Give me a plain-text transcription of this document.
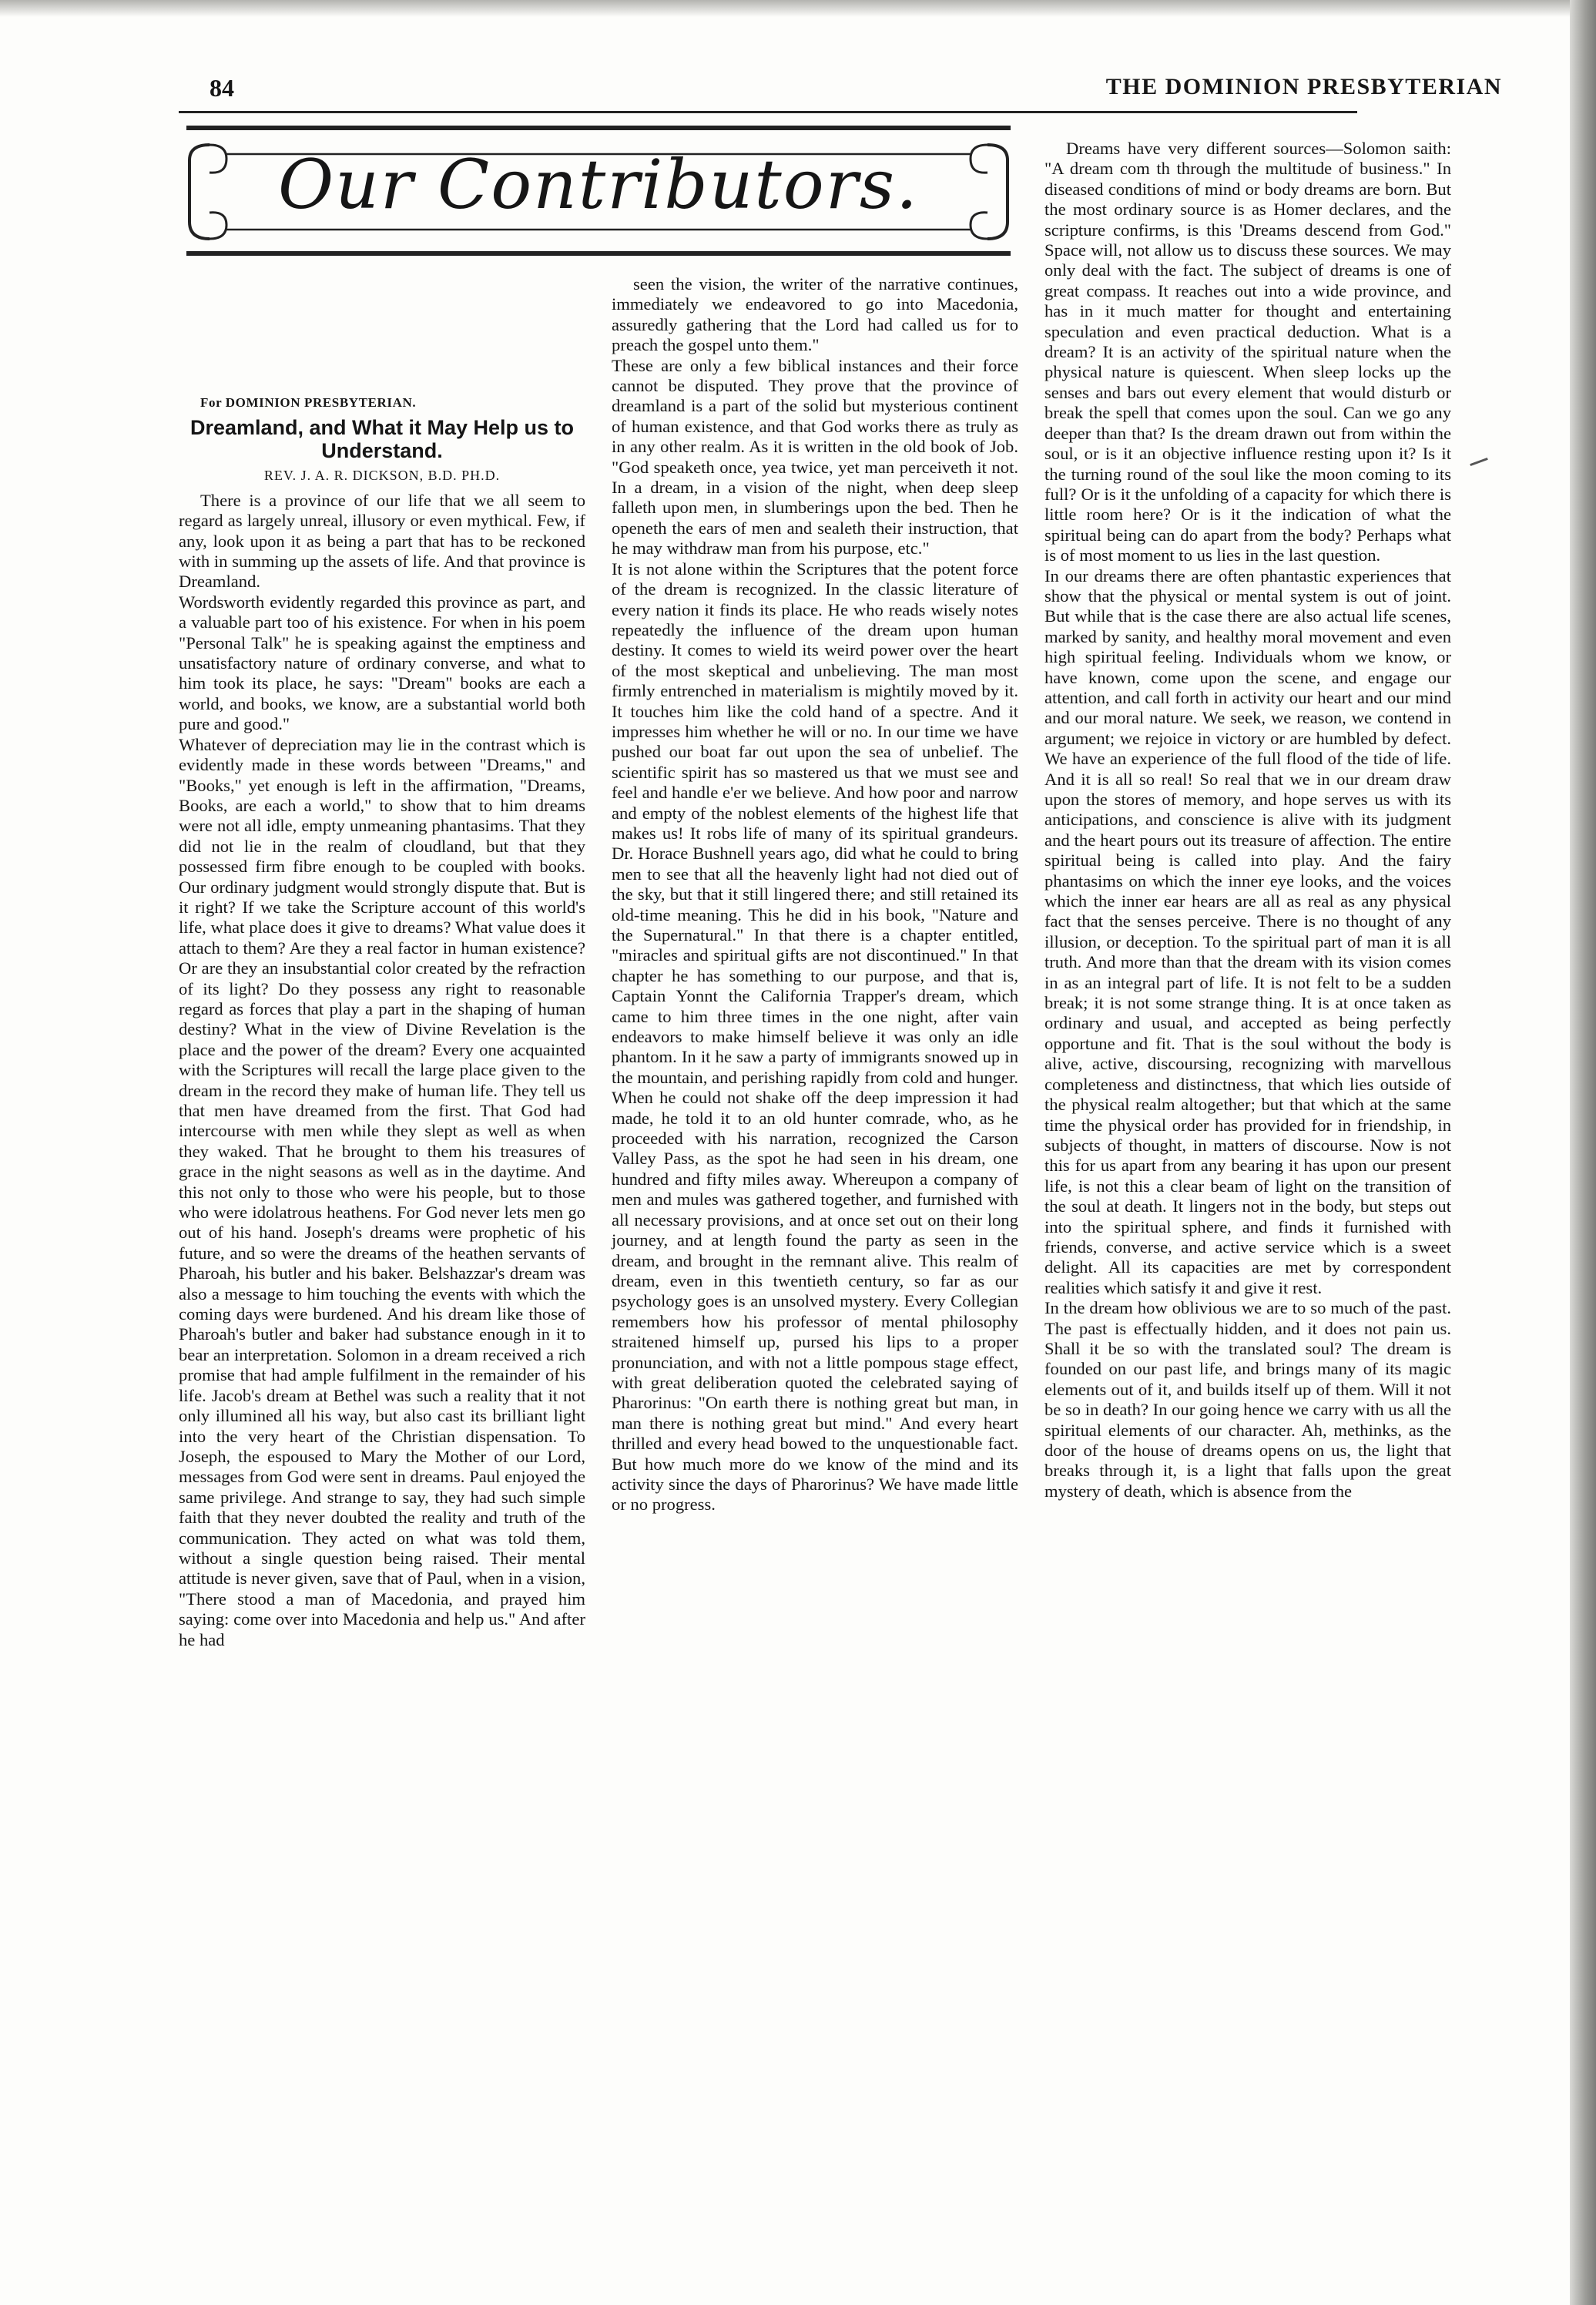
84	THE DOMINION PRESBYTERIAN
Our Contributors.
For DOMINION PRESBYTERIAN.
Dreamland, and What it May Help us to Understand.
REV. J. A. R. DICKSON, B.D. PH.D.

There is a province of our life that we all seem to regard as largely unreal, illusory or even mythical. Few, if any, look upon it as being a part that has to be reckoned with in summing up the assets of life. And that province is Dreamland.
Wordsworth evidently regarded this province as part, and a valuable part too of his existence. For when in his poem "Personal Talk" he is speaking against the emptiness and unsatisfactory nature of ordinary converse, and what to him took its place, he says: "Dream" books are each a world, and books, we know, are a substantial world both pure and good."
Whatever of depreciation may lie in the contrast which is evidently made in these words between "Dreams," and "Books," yet enough is left in the affirmation, "Dreams, Books, are each a world," to show that to him dreams were not all idle, empty unmeaning phantasims. That they did not lie in the realm of cloudland, but that they possessed firm fibre enough to be coupled with books. Our ordinary judgment would strongly dispute that. But is it right? If we take the Scripture account of this world's life, what place does it give to dreams? What value does it attach to them? Are they a real factor in human existence? Or are they an insubstantial color created by the refraction of its light? Do they possess any right to reasonable regard as forces that play a part in the shaping of human destiny? What in the view of Divine Revelation is the place and the power of the dream? Every one acquainted with the Scriptures will recall the large place given to the dream in the record they make of human life. They tell us that men have dreamed from the first. That God had intercourse with men while they slept as well as when they waked. That he brought to them his treasures of grace in the night seasons as well as in the daytime. And this not only to those who were his people, but to those who were idolatrous heathens. For God never lets men go out of his hand. Joseph's dreams were prophetic of his future, and so were the dreams of the heathen servants of Pharoah, his butler and his baker. Belshazzar's dream was also a message to him touching the events with which the coming days were burdened. And his dream like those of Pharoah's butler and baker had substance enough in it to bear an interpretation. Solomon in a dream received a rich promise that had ample fulfilment in the remainder of his life. Jacob's dream at Bethel was such a reality that it not only illumined all his way, but also cast its brilliant light into the very heart of the Christian dispensation. To Joseph, the espoused to Mary the Mother of our Lord, messages from God were sent in dreams. Paul enjoyed the same privilege. And strange to say, they had such simple faith that they never doubted the reality and truth of the communication. They acted on what was told them, without a single question being raised. Their mental attitude is never given, save that of Paul, when in a vision, "There stood a man of Macedonia, and prayed him saying: come over into Macedonia and help us." And after he had

seen the vision, the writer of the narrative continues, immediately we endeavored to go into Macedonia, assuredly gathering that the Lord had called us for to preach the gospel unto them."
These are only a few biblical instances and their force cannot be disputed. They prove that the province of dreamland is a part of the solid but mysterious continent of human existence, and that God works there as truly as in any other realm. As it is written in the old book of Job. "God speaketh once, yea twice, yet man perceiveth it not. In a dream, in a vision of the night, when deep sleep falleth upon men, in slumberings upon the bed. Then he openeth the ears of men and sealeth their instruction, that he may withdraw man from his purpose, etc."
It is not alone within the Scriptures that the potent force of the dream is recognized. In the classic literature of every nation it finds its place. He who reads wisely notes repeatedly the influence of the dream upon human destiny. It comes to wield its weird power over the heart of the most skeptical and unbelieving. The man most firmly entrenched in materialism is mightily moved by it. It touches him like the cold hand of a spectre. And it impresses him whether he will or no. In our time we have pushed our boat far out upon the sea of unbelief. The scientific spirit has so mastered us that we must see and feel and handle e'er we believe. And how poor and narrow and empty of the noblest elements of the highest life that makes us! It robs life of many of its spiritual grandeurs. Dr. Horace Bushnell years ago, did what he could to bring men to see that all the heavenly light had not died out of the sky, but that it still lingered there; and still retained its old-time meaning. This he did in his book, "Nature and the Supernatural." In that there is a chapter entitled, "miracles and spiritual gifts are not discontinued." In that chapter he has something to our purpose, and that is, Captain Yonnt the California Trapper's dream, which came to him three times in the one night, after vain endeavors to make himself believe it was only an idle phantom. In it he saw a party of immigrants snowed up in the mountain, and perishing rapidly from cold and hunger. When he could not shake off the deep impression it had made, he told it to an old hunter comrade, who, as he proceeded with his narration, recognized the Carson Valley Pass, as the spot he had seen in his dream, one hundred and fifty miles away. Whereupon a company of men and mules was gathered together, and furnished with all necessary provisions, and at once set out on their long journey, and at length found the party as seen in the dream, and brought in the remnant alive. This realm of dream, even in this twentieth century, so far as our psychology goes is an unsolved mystery. Every Collegian remembers how his professor of mental philosophy straitened himself up, pursed his lips to a proper pronunciation, and with not a little pompous stage effect, with great deliberation quoted the celebrated saying of Pharorinus: "On earth there is nothing great but man, in man there is nothing great but mind." And every heart thrilled and every head bowed to the unquestionable fact. But how much more do we know of the mind and its activity since the days of Pharorinus? We have made little or no progress.

Dreams have very different sources—Solomon saith: "A dream com th through the multitude of business." In diseased conditions of mind or body dreams are born. But the most ordinary source is as Homer declares, and the scripture confirms, is this 'Dreams descend from God." Space will, not allow us to discuss these sources. We may only deal with the fact. The subject of dreams is one of great compass. It reaches out into a wide province, and has in it much matter for thought and entertaining speculation and even practical deduction. What is a dream? It is an activity of the spiritual nature when the physical nature is quiescent. When sleep locks up the senses and bars out every element that would disturb or break the spell that comes upon the soul. Can we go any deeper than that? Is the dream drawn out from within the soul, or is it an objective influence resting upon it? Is it the turning round of the soul like the moon coming to its full? Or is it the unfolding of a capacity for which there is little room here? Or is it the indication of what the spiritual being can do apart from the body? Perhaps what is of most moment to us lies in the last question.
In our dreams there are often phantastic experiences that show that the physical or mental system is out of joint. But while that is the case there are also actual life scenes, marked by sanity, and healthy moral movement and even high spiritual feeling. Individuals whom we know, or have known, come upon the scene, and engage our attention, and call forth in activity our heart and our mind and our moral nature. We seek, we reason, we contend in argument; we rejoice in victory or are humbled by defect. We have an experience of the full flood of the tide of life. And it is all so real! So real that we in our dream draw upon the stores of memory, and hope serves us with its anticipations, and conscience is alive with its judgment and the heart pours out its treasure of affection. The entire spiritual being is called into play. And the fairy phantasims on which the inner eye looks, and the voices which the inner ear hears are all as real as any physical fact that the senses perceive. There is no thought of any illusion, or deception. To the spiritual part of man it is all truth. And more than that the dream with its vision comes in as an integral part of life. It is not felt to be a sudden break; it is not some strange thing. It is at once taken as ordinary and usual, and accepted as being perfectly opportune and fit. That is the soul without the body is alive, active, discoursing, recognizing with marvellous completeness and distinctness, that which lies outside of the physical realm altogether; but that which at the same time the physical order has provided for in friendship, in subjects of thought, in matters of discourse. Now is not this for us apart from any bearing it has upon our present life, is not this a clear beam of light on the transition of the soul at death. It lingers not in the body, but steps out into the spiritual sphere, and finds it furnished with friends, converse, and active service which is a sweet delight. All its capacities are met by correspondent realities which satisfy it and give it rest.
In the dream how oblivious we are to so much of the past. The past is effectually hidden, and it does not pain us. Shall it be so with the translated soul? The dream is founded on our past life, and brings many of its magic elements out of it, and builds itself up of them. Will it not be so in death? In our going hence we carry with us all the spiritual elements of our character. Ah, methinks, as the door of the house of dreams opens on us, the light that breaks through it, is a light that falls upon the great mystery of death, which is absence from the
